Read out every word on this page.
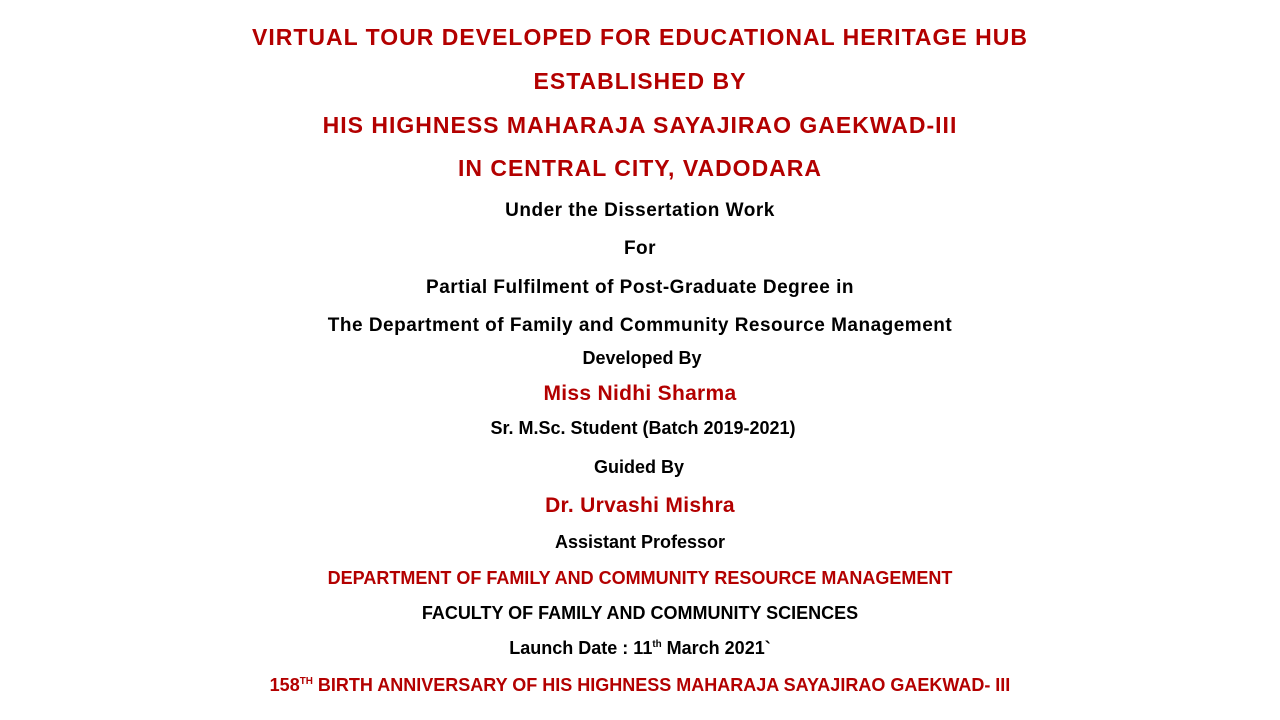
VIRTUAL TOUR DEVELOPED FOR EDUCATIONAL HERITAGE HUB
ESTABLISHED BY
HIS HIGHNESS MAHARAJA SAYAJIRAO GAEKWAD-III
IN CENTRAL CITY, VADODARA
Under the Dissertation Work
For
Partial Fulfilment of Post-Graduate Degree in
The Department of Family and Community Resource Management
Developed By
Miss Nidhi Sharma
Sr. M.Sc. Student (Batch 2019-2021)
Guided By
Dr. Urvashi Mishra
Assistant Professor
DEPARTMENT OF FAMILY AND COMMUNITY RESOURCE MANAGEMENT
FACULTY OF FAMILY AND COMMUNITY SCIENCES
Launch Date : 11th March 2021`
158TH BIRTH ANNIVERSARY OF HIS HIGHNESS MAHARAJA SAYAJIRAO GAEKWAD- III
